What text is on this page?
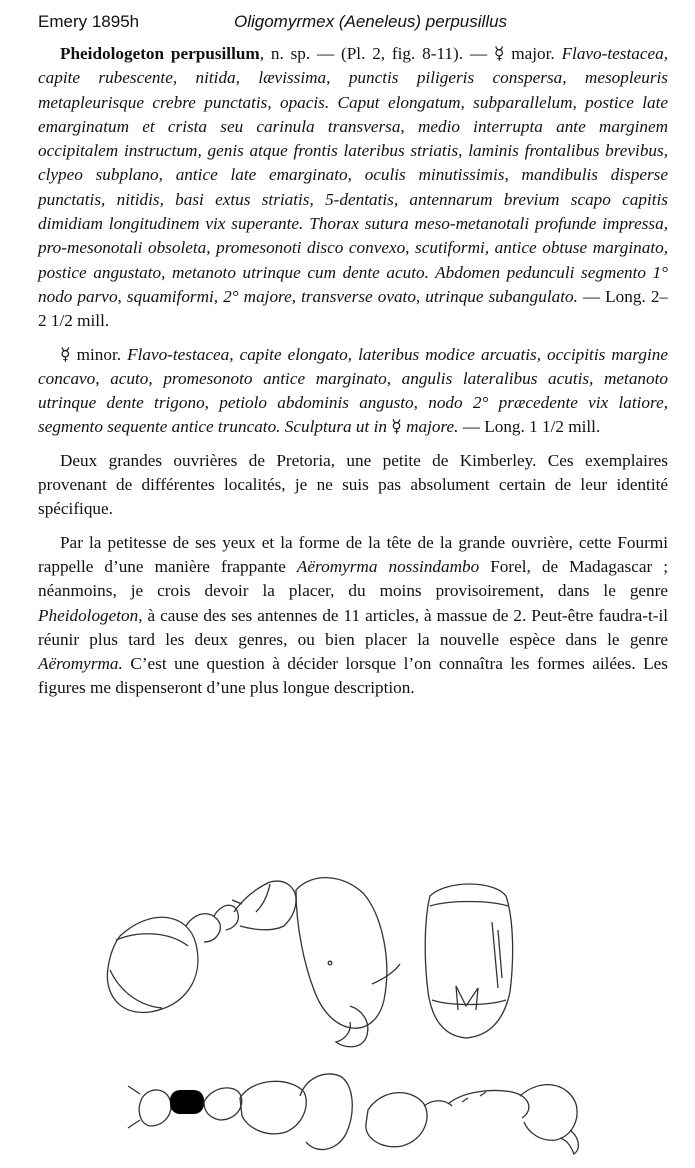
Emery 1895h	Oligomyrmex (Aeneleus) perpusillus

Pheidologeton perpusillum, n. sp. — (Pl. 2, fig. 8-11). — ☿ major. Flavo-testacea, capite rubescente, nitida, lævissima, punctis piligeris conspersa, mesopleuris metapleurisque crebre punctatis, opacis. Caput elongatum, subparallelum, postice late emarginatum et crista seu carinula transversa, medio interrupta ante marginem occipitalem instructum, genis atque frontis lateribus striatis, laminis frontalibus brevibus, clypeo subplano, antice late emarginato, oculis minutissimis, mandibulis disperse punctatis, nitidis, basi extus striatis, 5-dentatis, antennarum brevium scapo capitis dimidiam longitudinem vix superante. Thorax sutura meso-metanotali profunde impressa, pro-mesonotali obsoleta, promesonoti disco convexo, scutiformi, antice obtuse marginato, postice angustato, metanoto utrinque cum dente acuto. Abdomen pedunculi segmento 1° nodo parvo, squamiformi, 2° majore, transverse ovato, utrinque subangulato. — Long. 2–2 1/2 mill.

☿ minor. Flavo-testacea, capite elongato, lateribus modice arcuatis, occipitis margine concavo, acuto, promesonoto antice marginato, angulis lateralibus acutis, metanoto utrinque dente trigono, petiolo abdominis angusto, nodo 2° præcedente vix latiore, segmento sequente antice truncato. Sculptura ut in ☿ majore. — Long. 1 1/2 mill.

Deux grandes ouvrières de Pretoria, une petite de Kimberley. Ces exemplaires provenant de différentes localités, je ne suis pas absolument certain de leur identité spécifique.

Par la petitesse de ses yeux et la forme de la tête de la grande ouvrière, cette Fourmi rappelle d’une manière frappante Aëromyrma nossindambo Forel, de Madagascar ; néanmoins, je crois devoir la placer, du moins provisoirement, dans le genre Pheidologeton, à cause des ses antennes de 11 articles, à massue de 2. Peut-être faudra-t-il réunir plus tard les deux genres, ou bien placer la nouvelle espèce dans le genre Aëromyrma. C’est une question à décider lorsque l’on connaîtra les formes ailées. Les figures me dispenseront d’une plus longue description.
